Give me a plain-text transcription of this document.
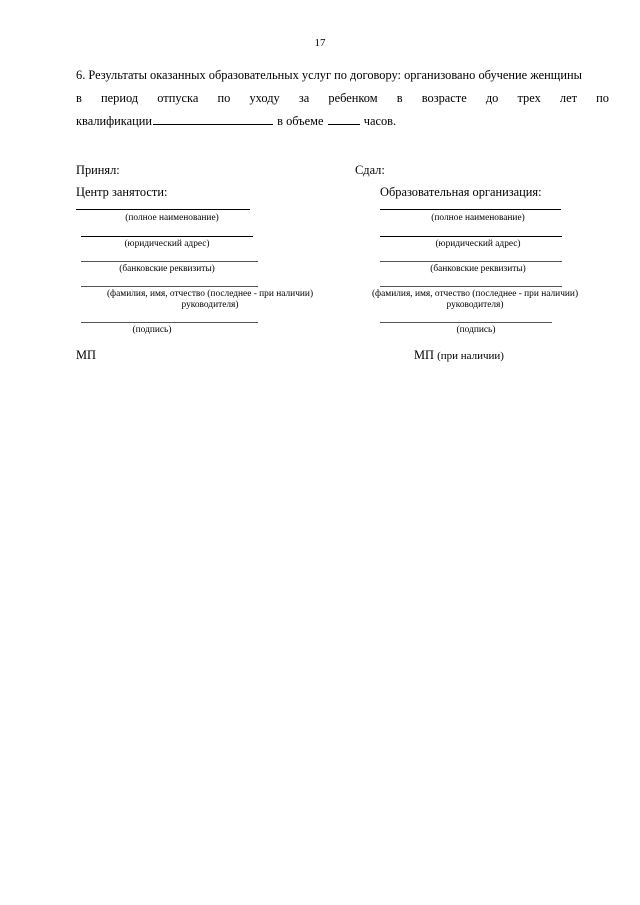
17
6. Результаты оказанных образовательных услуг по договору: организовано обучение женщины
в период отпуска по уходу за ребенком в возрасте до трех лет по
квалификации	в объеме	часов.
Принял:
Центр занятости:
(полное наименование)
(юридический адрес)
(банковские реквизиты)
(фамилия, имя, отчество (последнее - при наличии)
руководителя)
(подпись)
МП
Сдал:
Образовательная организация:
(полное наименование)
(юридический адрес)
(банковские реквизиты)
(фамилия, имя, отчество (последнее - при наличии)
руководителя)
(подпись)
МП (при наличии)
